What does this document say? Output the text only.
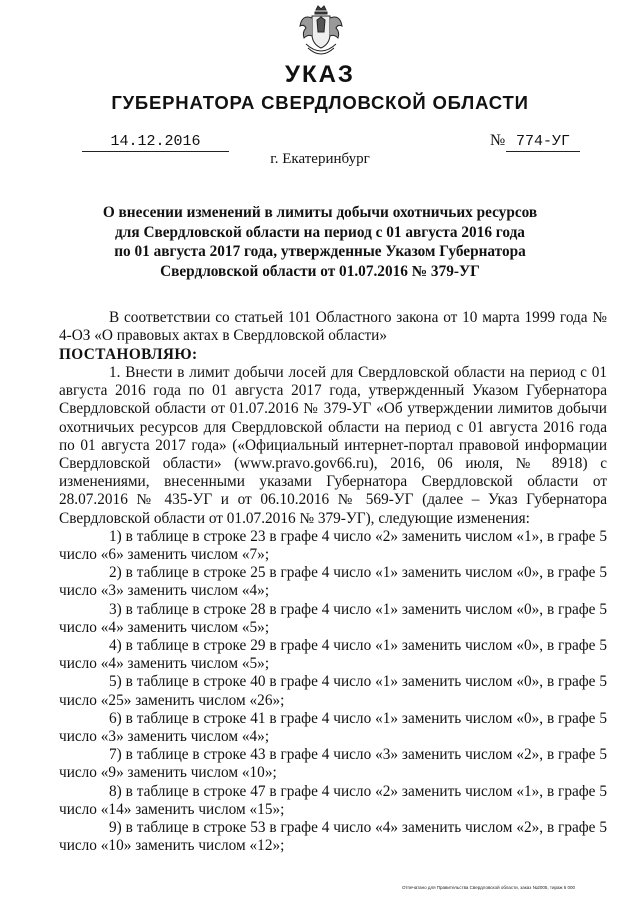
УКАЗ
ГУБЕРНАТОРА СВЕРДЛОВСКОЙ ОБЛАСТИ
14.12.2016	№ 774-УГ
г. Екатеринбург
О внесении изменений в лимиты добычи охотничьих ресурсов
для Свердловской области на период с 01 августа 2016 года
по 01 августа 2017 года, утвержденные Указом Губернатора
Свердловской области от 01.07.2016 № 379-УГ
В соответствии со статьей 101 Областного закона от 10 марта 1999 года № 4-ОЗ «О правовых актах в Свердловской области»
ПОСТАНОВЛЯЮ:

1. Внести в лимит добычи лосей для Свердловской области на период с 01 августа 2016 года по 01 августа 2017 года, утвержденный Указом Губернатора Свердловской области от 01.07.2016 № 379-УГ «Об утверждении лимитов добычи охотничьих ресурсов для Свердловской области на период с 01 августа 2016 года по 01 августа 2017 года» («Официальный интернет-портал правовой информации Свердловской области» (www.pravo.gov66.ru), 2016, 06 июля, № 8918) с изменениями, внесенными указами Губернатора Свердловской области от 28.07.2016 № 435-УГ и от 06.10.2016 № 569-УГ (далее – Указ Губернатора Свердловской области от 01.07.2016 № 379-УГ), следующие изменения:

1) в таблице в строке 23 в графе 4 число «2» заменить числом «1», в графе 5 число «6» заменить числом «7»;

2) в таблице в строке 25 в графе 4 число «1» заменить числом «0», в графе 5 число «3» заменить числом «4»;

3) в таблице в строке 28 в графе 4 число «1» заменить числом «0», в графе 5 число «4» заменить числом «5»;

4) в таблице в строке 29 в графе 4 число «1» заменить числом «0», в графе 5 число «4» заменить числом «5»;

5) в таблице в строке 40 в графе 4 число «1» заменить числом «0», в графе 5 число «25» заменить числом «26»;

6) в таблице в строке 41 в графе 4 число «1» заменить числом «0», в графе 5 число «3» заменить числом «4»;

7) в таблице в строке 43 в графе 4 число «3» заменить числом «2», в графе 5 число «9» заменить числом «10»;

8) в таблице в строке 47 в графе 4 число «2» заменить числом «1», в графе 5 число «14» заменить числом «15»;

9) в таблице в строке 53 в графе 4 число «4» заменить числом «2», в графе 5 число «10» заменить числом «12»;

Отпечатано для Правительства Свердловской области, заказ №2005, тираж 6 000
